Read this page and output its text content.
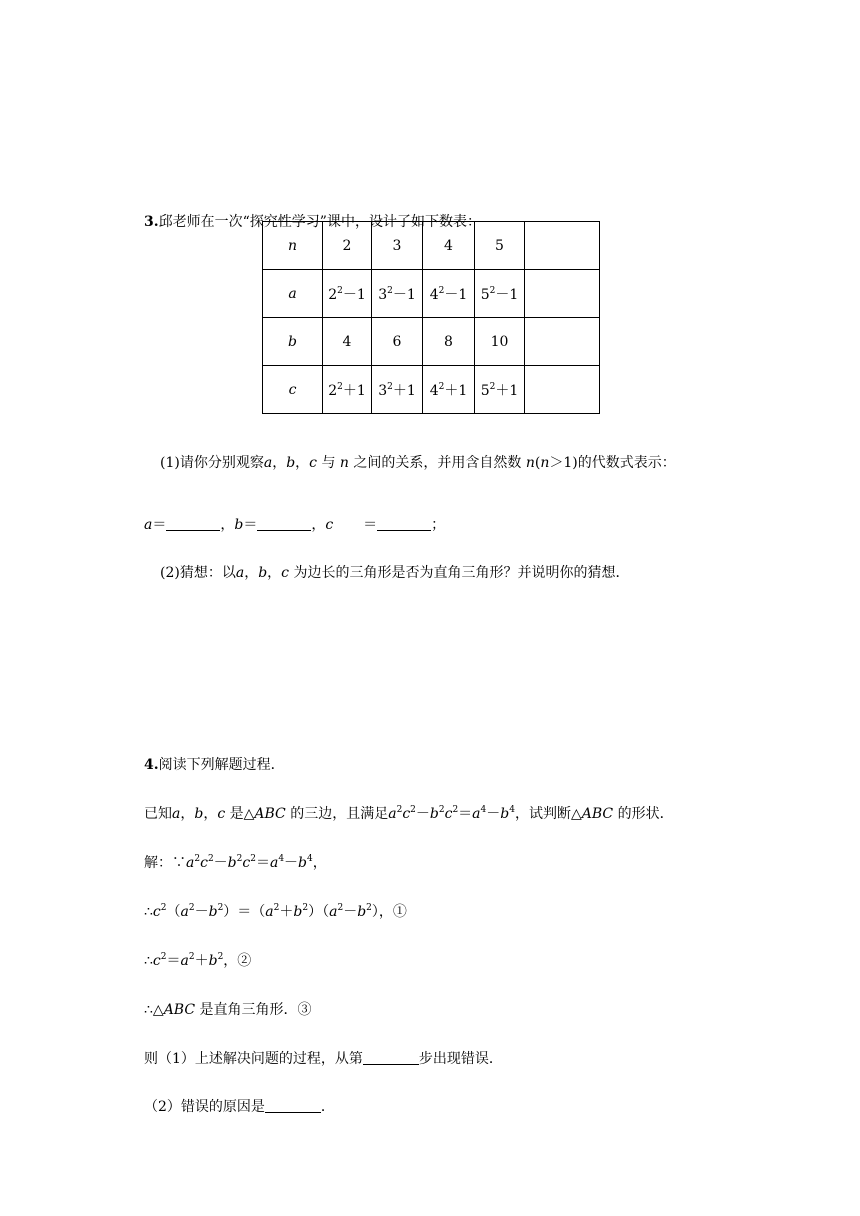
3.邱老师在一次“探究性学习”课中，设计了如下数表：
n	2	3	4	5	
a	$2^2-1$	$3^2-1$	$4^2-1$	$5^2-1$	
b	4	6	8	10	
c	$2^2+1$	$3^2+1$	$4^2+1$	$5^2+1$	
(1)请你分别观察a，b，c 与 n 之间的关系，并用含自然数 n(n＞1)的代数式表示：
a＝	，b＝	，c ＝	；
(2)猜想：以a，b，c 为边长的三角形是否为直角三角形？并说明你的猜想．
4.阅读下列解题过程．
已知a，b，c 是△ABC 的三边，且满足$a^2c^2-b^2c^2=a^4-b^4$，试判断△ABC 的形状．
解：$\because a^2c^2-b^2c^2=a^4-b^4$，
$\therefore c^2(a^2-b^2)=(a^2+b^2)(a^2-b^2)$，①
$\therefore c^2=a^2+b^2$，②
∴△ABC 是直角三角形．③
则（1）上述解决问题的过程，从第	步出现错误．
（2）错误的原因是	．
